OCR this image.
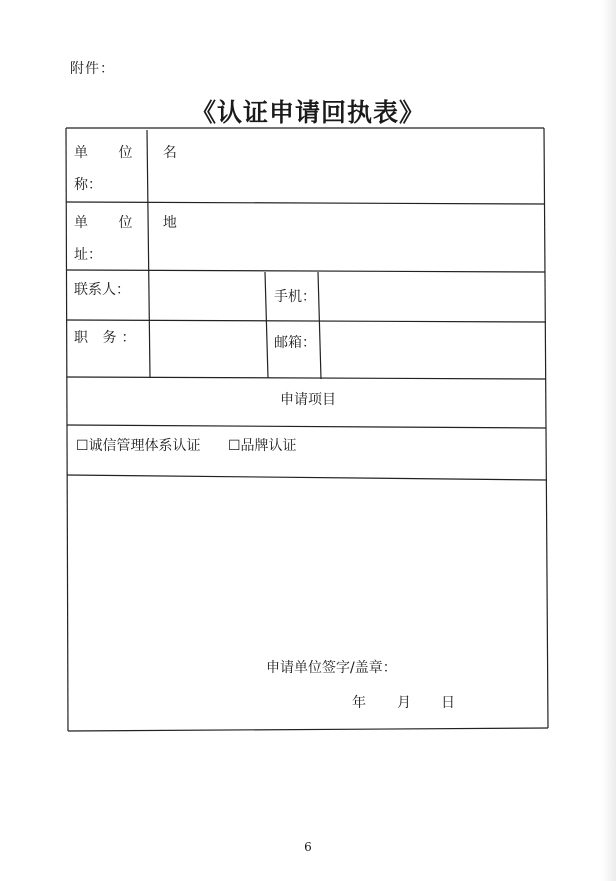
附件：
《认证申请回执表》
单 位 名
称：
单 位 地
址：
联系人：	手机：
职 务：	邮箱：
申请项目
☐诚信管理体系认证 ☐品牌认证
申请单位签字/盖章：
年 月 日
6
